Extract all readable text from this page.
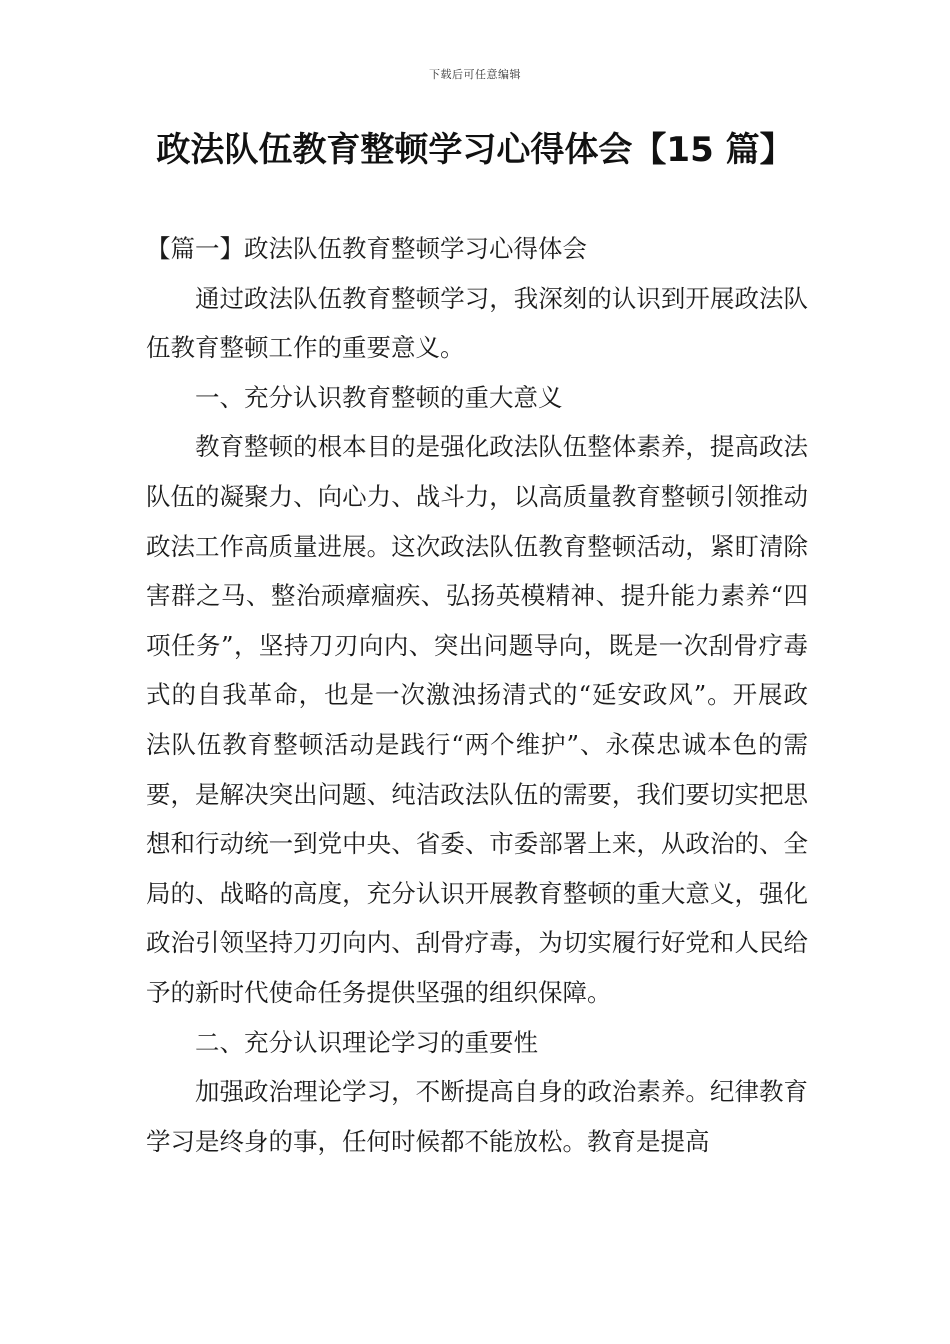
下载后可任意编辑
政法队伍教育整顿学习心得体会【15 篇】

【篇一】政法队伍教育整顿学习心得体会

通过政法队伍教育整顿学习，我深刻的认识到开展政法队伍教育整顿工作的重要意义。

一、充分认识教育整顿的重大意义

教育整顿的根本目的是强化政法队伍整体素养，提高政法队伍的凝聚力、向心力、战斗力，以高质量教育整顿引领推动政法工作高质量进展。这次政法队伍教育整顿活动，紧盯清除害群之马、整治顽瘴痼疾、弘扬英模精神、提升能力素养“四项任务”，坚持刀刃向内、突出问题导向，既是一次刮骨疗毒式的自我革命，也是一次激浊扬清式的“延安政风”。开展政法队伍教育整顿活动是践行“两个维护”、永葆忠诚本色的需要，是解决突出问题、纯洁政法队伍的需要，我们要切实把思想和行动统一到党中央、省委、市委部署上来，从政治的、全局的、战略的高度，充分认识开展教育整顿的重大意义，强化政治引领坚持刀刃向内、刮骨疗毒，为切实履行好党和人民给予的新时代使命任务提供坚强的组织保障。

二、充分认识理论学习的重要性

加强政治理论学习，不断提高自身的政治素养。纪律教育学习是终身的事，任何时候都不能放松。教育是提高
